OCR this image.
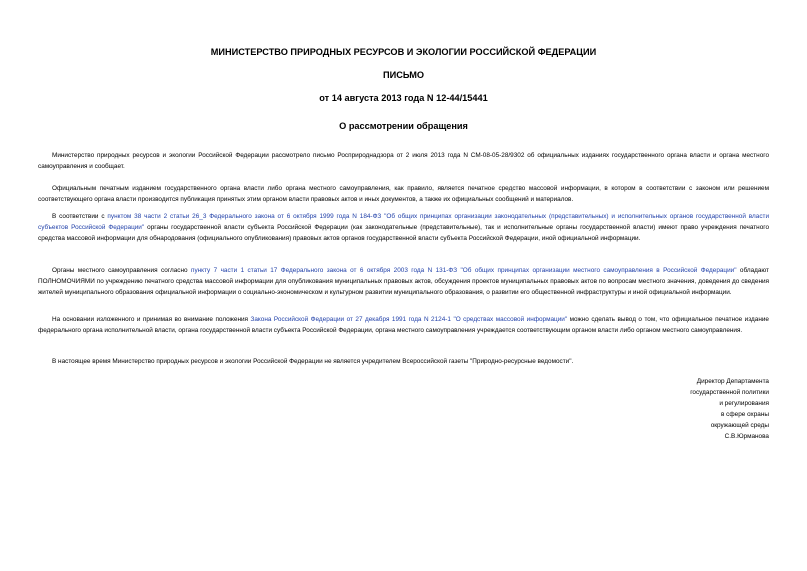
МИНИСТЕРСТВО ПРИРОДНЫХ РЕСУРСОВ И ЭКОЛОГИИ РОССИЙСКОЙ ФЕДЕРАЦИИ
ПИСЬМО
от 14 августа 2013 года N 12-44/15441
О рассмотрении обращения

Министерство природных ресурсов и экологии Российской Федерации рассмотрело письмо Росприроднадзора от 2 июля 2013 года N СМ-08-05-28/9302 об официальных изданиях государственного органа власти и органа местного самоуправления и сообщает.

Официальным печатным изданием государственного органа власти либо органа местного самоуправления, как правило, является печатное средство массовой информации, в котором в соответствии с законом или решением соответствующего органа власти производится публикация принятых этим органом власти правовых актов и иных документов, а также их официальных сообщений и материалов.

В соответствии с пунктом 38 части 2 статьи 26_3 Федерального закона от 6 октября 1999 года N 184-ФЗ "Об общих принципах организации законодательных (представительных) и исполнительных органов государственной власти субъектов Российской Федерации" органы государственной власти субъекта Российской Федерации (как законодательные (представительные), так и исполнительные органы государственной власти) имеют право учреждения печатного средства массовой информации для обнародования (официального опубликования) правовых актов органов государственной власти субъекта Российской Федерации, иной официальной информации.

Органы местного самоуправления согласно пункту 7 части 1 статьи 17 Федерального закона от 6 октября 2003 года N 131-ФЗ "Об общих принципах организации местного самоуправления в Российской Федерации" обладают ПОЛНОМОЧИЯМИ по учреждению печатного средства массовой информации для опубликования муниципальных правовых актов, обсуждения проектов муниципальных правовых актов по вопросам местного значения, доведения до сведения жителей муниципального образования официальной информации о социально-экономическом и культурном развитии муниципального образования, о развитии его общественной инфраструктуры и иной официальной информации.

На основании изложенного и принимая во внимание положения Закона Российской Федерации от 27 декабря 1991 года N 2124-1 "О средствах массовой информации" можно сделать вывод о том, что официальное печатное издание федерального органа исполнительной власти, органа государственной власти субъекта Российской Федерации, органа местного самоуправления учреждается соответствующим органом власти либо органом местного самоуправления.

В настоящее время Министерство природных ресурсов и экологии Российской Федерации не является учредителем Всероссийской газеты "Природно-ресурсные ведомости".

Директор Департамента
государственной политики
и регулирования
в сфере охраны
окружающей среды
С.В.Юрманова
